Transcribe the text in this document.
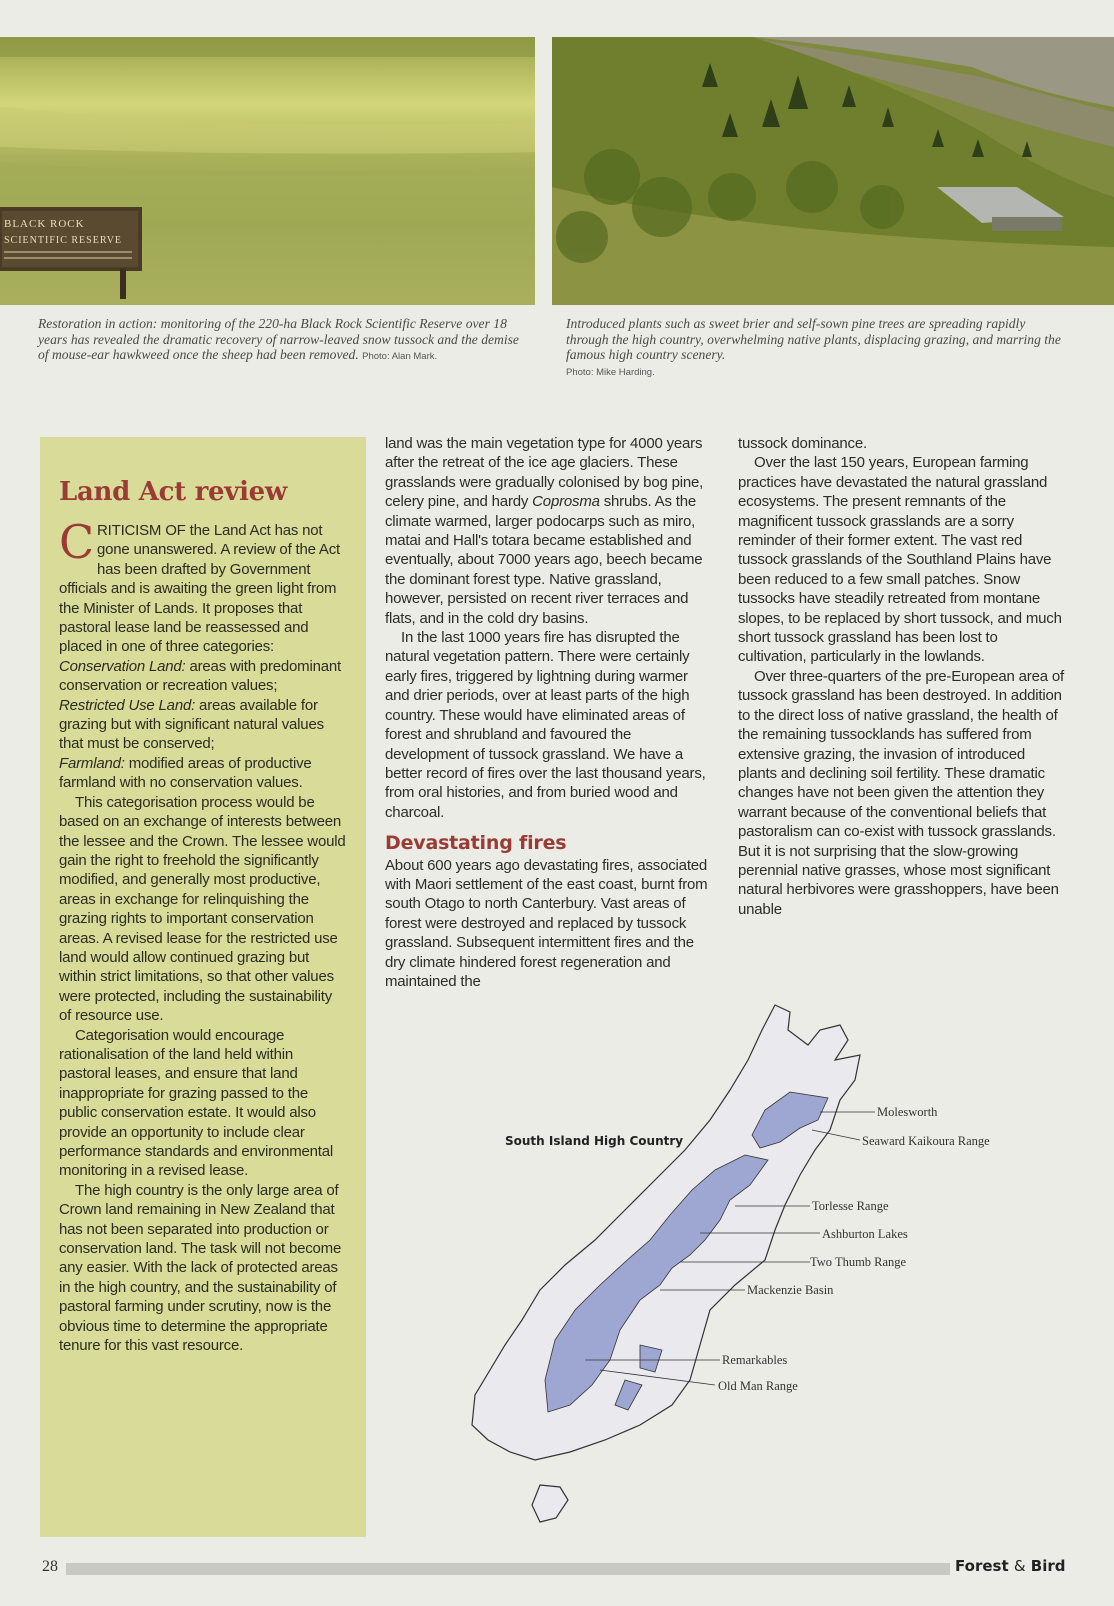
BLACK ROCK
SCIENTIFIC RESERVE
Restoration in action: monitoring of the 220-ha Black Rock Scientific Reserve over 18 years has revealed the dramatic recovery of narrow-leaved snow tussock and the demise of mouse-ear hawkweed once the sheep had been removed. Photo: Alan Mark.
Introduced plants such as sweet brier and self-sown pine trees are spreading rapidly through the high country, overwhelming native plants, displacing grazing, and marring the famous high country scenery.
Photo: Mike Harding.
Land Act review

CRITICISM OF the Land Act has not gone unanswered. A review of the Act has been drafted by Government officials and is awaiting the green light from the Minister of Lands. It proposes that pastoral lease land be reassessed and placed in one of three categories:

Conservation Land: areas with predominant conservation or recreation values;

Restricted Use Land: areas available for grazing but with significant natural values that must be conserved;

Farmland: modified areas of productive farmland with no conservation values.

This categorisation process would be based on an exchange of interests between the lessee and the Crown. The lessee would gain the right to freehold the significantly modified, and generally most productive, areas in exchange for relinquishing the grazing rights to important conservation areas. A revised lease for the restricted use land would allow continued grazing but within strict limitations, so that other values were protected, including the sustainability of resource use.

Categorisation would encourage rationalisation of the land held within pastoral leases, and ensure that land inappropriate for grazing passed to the public conservation estate. It would also provide an opportunity to include clear performance standards and environmental monitoring in a revised lease.

The high country is the only large area of Crown land remaining in New Zealand that has not been separated into production or conservation land. The task will not become any easier. With the lack of protected areas in the high country, and the sustainability of pastoral farming under scrutiny, now is the obvious time to determine the appropriate tenure for this vast resource.

land was the main vegetation type for 4000 years after the retreat of the ice age glaciers. These grasslands were gradually colonised by bog pine, celery pine, and hardy Coprosma shrubs. As the climate warmed, larger podocarps such as miro, matai and Hall's totara became established and eventually, about 7000 years ago, beech became the dominant forest type. Native grassland, however, persisted on recent river terraces and flats, and in the cold dry basins.

In the last 1000 years fire has disrupted the natural vegetation pattern. There were certainly early fires, triggered by lightning during warmer and drier periods, over at least parts of the high country. These would have eliminated areas of forest and shrubland and favoured the development of tussock grassland. We have a better record of fires over the last thousand years, from oral histories, and from buried wood and charcoal.

Devastating fires

About 600 years ago devastating fires, associated with Maori settlement of the east coast, burnt from south Otago to north Canterbury. Vast areas of forest were destroyed and replaced by tussock grassland. Subsequent intermittent fires and the dry climate hindered forest regeneration and maintained the

tussock dominance.

Over the last 150 years, European farming practices have devastated the natural grassland ecosystems. The present remnants of the magnificent tussock grasslands are a sorry reminder of their former extent. The vast red tussock grasslands of the Southland Plains have been reduced to a few small patches. Snow tussocks have steadily retreated from montane slopes, to be replaced by short tussock, and much short tussock grassland has been lost to cultivation, particularly in the lowlands.

Over three-quarters of the pre-European area of tussock grassland has been destroyed. In addition to the direct loss of native grassland, the health of the remaining tussocklands has suffered from extensive grazing, the invasion of introduced plants and declining soil fertility. These dramatic changes have not been given the attention they warrant because of the conventional beliefs that pastoralism can co-exist with tussock grasslands. But it is not surprising that the slow-growing perennial native grasses, whose most significant natural herbivores were grasshoppers, have been unable

South Island High Country
Molesworth
Seaward Kaikoura Range
Torlesse Range
Ashburton Lakes
Two Thumb Range
Mackenzie Basin
Remarkables
Old Man Range
28	Forest & Bird
